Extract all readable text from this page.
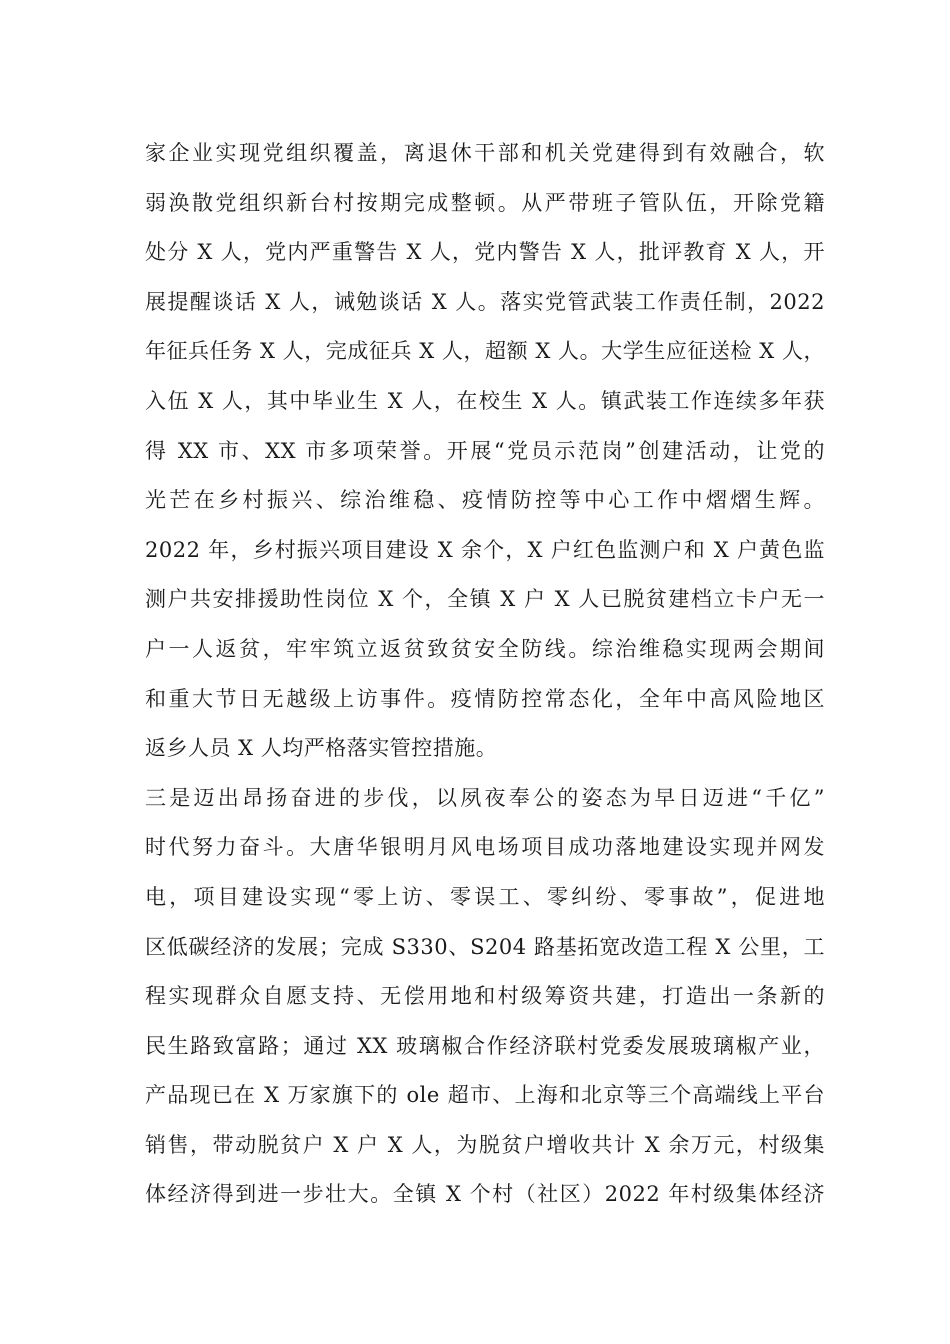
家企业实现党组织覆盖，离退休干部和机关党建得到有效融合，软
弱涣散党组织新台村按期完成整顿。从严带班子管队伍，开除党籍
处分 X 人，党内严重警告 X 人，党内警告 X 人，批评教育 X 人，开
展提醒谈话 X 人，诫勉谈话 X 人。落实党管武装工作责任制，2022
年征兵任务 X 人，完成征兵 X 人，超额 X 人。大学生应征送检 X 人，
入伍 X 人，其中毕业生 X 人，在校生 X 人。镇武装工作连续多年获
得 XX 市、XX 市多项荣誉。开展“党员示范岗”创建活动，让党的
光芒在乡村振兴、综治维稳、疫情防控等中心工作中熠熠生辉。
2022 年，乡村振兴项目建设 X 余个，X 户红色监测户和 X 户黄色监
测户共安排援助性岗位 X 个，全镇 X 户 X 人已脱贫建档立卡户无一
户一人返贫，牢牢筑立返贫致贫安全防线。综治维稳实现两会期间
和重大节日无越级上访事件。疫情防控常态化，全年中高风险地区
返乡人员 X 人均严格落实管控措施。
三是迈出昂扬奋进的步伐，以夙夜奉公的姿态为早日迈进“千亿”
时代努力奋斗。大唐华银明月风电场项目成功落地建设实现并网发
电，项目建设实现“零上访、零误工、零纠纷、零事故”，促进地
区低碳经济的发展；完成 S330、S204 路基拓宽改造工程 X 公里，工
程实现群众自愿支持、无偿用地和村级筹资共建，打造出一条新的
民生路致富路；通过 XX 玻璃椒合作经济联村党委发展玻璃椒产业，
产品现已在 X 万家旗下的 ole 超市、上海和北京等三个高端线上平台
销售，带动脱贫户 X 户 X 人，为脱贫户增收共计 X 余万元，村级集
体经济得到进一步壮大。全镇 X 个村（社区）2022 年村级集体经济
